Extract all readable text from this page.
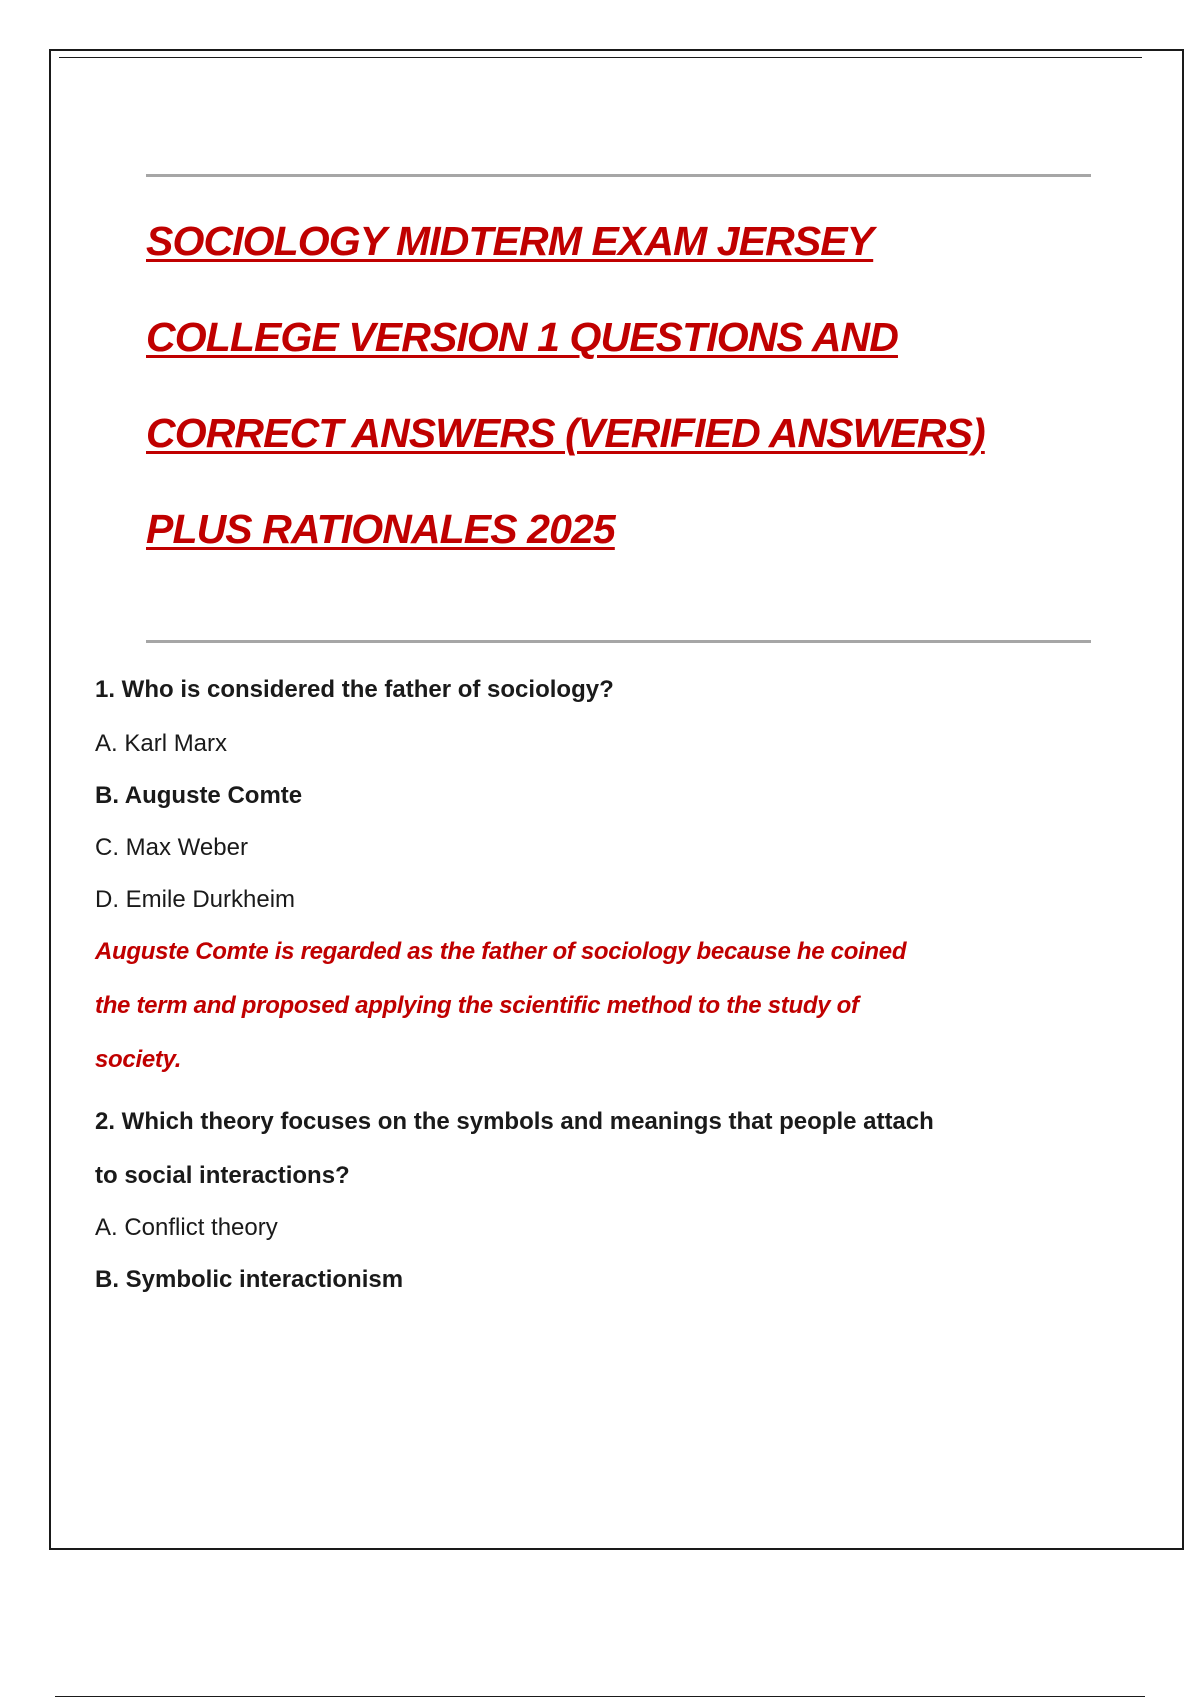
SOCIOLOGY MIDTERM EXAM JERSEY
COLLEGE VERSION 1 QUESTIONS AND
CORRECT ANSWERS (VERIFIED ANSWERS)
PLUS RATIONALES 2025

1. Who is considered the father of sociology?

A. Karl Marx

B. Auguste Comte

C. Max Weber

D. Emile Durkheim

Auguste Comte is regarded as the father of sociology because he coined

the term and proposed applying the scientific method to the study of

society.

2. Which theory focuses on the symbols and meanings that people attach

to social interactions?

A. Conflict theory

B. Symbolic interactionism
